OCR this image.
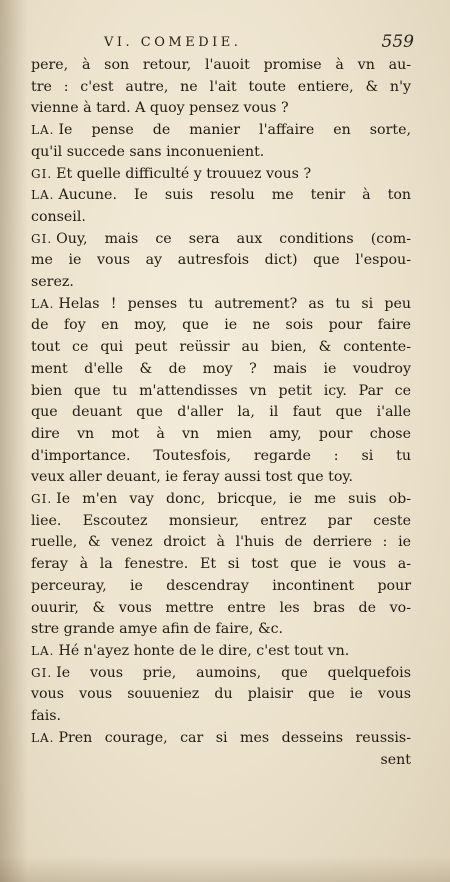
VI. COMEDIE.	559
pere, à son retour, l'auoit promise à vn au-
tre : c'est autre, ne l'ait toute entiere, & n'y
vienne à tard. A quoy pensez vous ?
LA. Ie pense de manier l'affaire en sorte,
qu'il succede sans inconuenient.
GI. Et quelle difficulté y trouuez vous ?
LA. Aucune. Ie suis resolu me tenir à ton
conseil.
GI. Ouy, mais ce sera aux conditions (com-
me ie vous ay autresfois dict) que l'espou-
serez.
LA. Helas ! penses tu autrement? as tu si peu
de foy en moy, que ie ne sois pour faire
tout ce qui peut reüssir au bien, & contente-
ment d'elle & de moy ? mais ie voudroy
bien que tu m'attendisses vn petit icy. Par ce
que deuant que d'aller la, il faut que i'alle
dire vn mot à vn mien amy, pour chose
d'importance. Toutesfois, regarde : si tu
veux aller deuant, ie feray aussi tost que toy.
GI. Ie m'en vay donc, bricque, ie me suis ob-
liee. Escoutez monsieur, entrez par ceste
ruelle, & venez droict à l'huis de derriere : ie
feray à la fenestre. Et si tost que ie vous a-
perceuray, ie descendray incontinent pour
ouurir, & vous mettre entre les bras de vo-
stre grande amye afin de faire, &c.
LA. Hé n'ayez honte de le dire, c'est tout vn.
GI. Ie vous prie, aumoins, que quelquefois
vous vous souueniez du plaisir que ie vous
fais.
LA. Pren courage, car si mes desseins reussis-
sent
